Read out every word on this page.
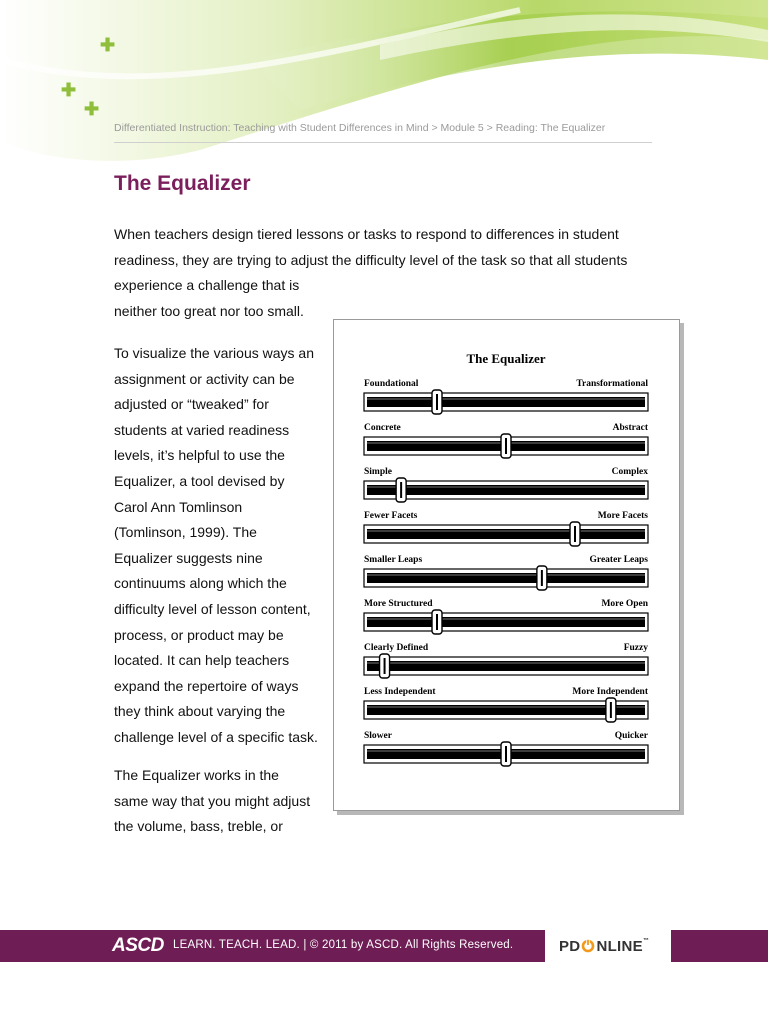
✚
✚
✚
Differentiated Instruction: Teaching with Student Differences in Mind > Module 5 > Reading: The Equalizer
The Equalizer

When teachers design tiered lessons or tasks to respond to differences in student
readiness, they are trying to adjust the difficulty level of the task so that all students
experience a challenge that is
neither too great nor too small.

To visualize the various ways an
assignment or activity can be
adjusted or “tweaked” for
students at varied readiness
levels, it’s helpful to use the
Equalizer, a tool devised by
Carol Ann Tomlinson
(Tomlinson, 1999). The
Equalizer suggests nine
continuums along which the
difficulty level of lesson content,
process, or product may be
located. It can help teachers
expand the repertoire of ways
they think about varying the
challenge level of a specific task.

The Equalizer works in the
same way that you might adjust
the volume, bass, treble, or

The Equalizer
Foundational	Transformational
Concrete	Abstract
Simple	Complex
Fewer Facets	More Facets
Smaller Leaps	Greater Leaps
More Structured	More Open
Clearly Defined	Fuzzy
Less Independent	More Independent
Slower	Quicker
ASCD LEARN. TEACH. LEAD. | © 2011 by ASCD. All Rights Reserved.	PD NLINE™
